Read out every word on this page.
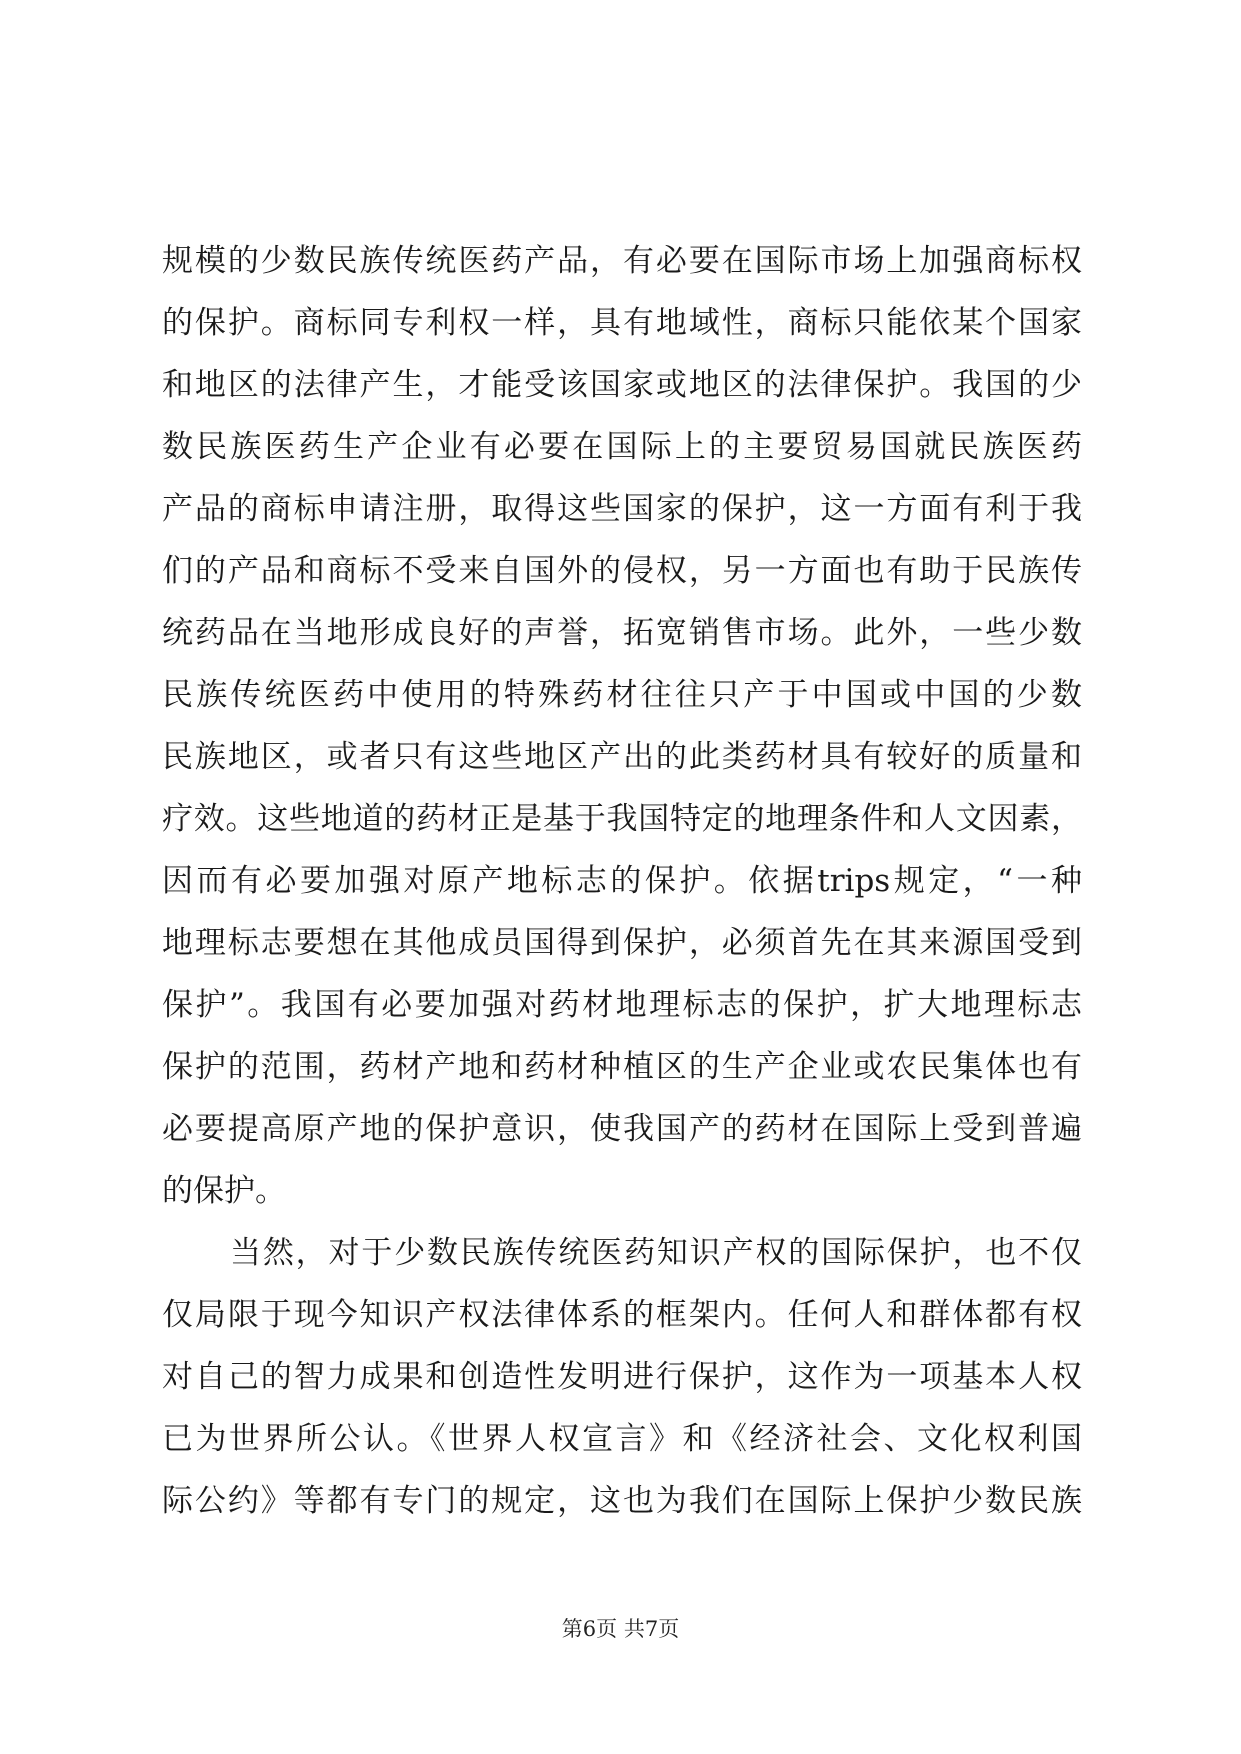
规模的少数民族传统医药产品，有必要在国际市场上加强商标权
的保护。商标同专利权一样，具有地域性，商标只能依某个国家
和地区的法律产生，才能受该国家或地区的法律保护。我国的少
数民族医药生产企业有必要在国际上的主要贸易国就民族医药
产品的商标申请注册，取得这些国家的保护，这一方面有利于我
们的产品和商标不受来自国外的侵权，另一方面也有助于民族传
统药品在当地形成良好的声誉，拓宽销售市场。此外，一些少数
民族传统医药中使用的特殊药材往往只产于中国或中国的少数
民族地区，或者只有这些地区产出的此类药材具有较好的质量和
疗效。这些地道的药材正是基于我国特定的地理条件和人文因素，
因而有必要加强对原产地标志的保护。依据trips规定，“一种
地理标志要想在其他成员国得到保护，必须首先在其来源国受到
保护”。我国有必要加强对药材地理标志的保护，扩大地理标志
保护的范围，药材产地和药材种植区的生产企业或农民集体也有
必要提高原产地的保护意识，使我国产的药材在国际上受到普遍
的保护。
当然，对于少数民族传统医药知识产权的国际保护，也不仅
仅局限于现今知识产权法律体系的框架内。任何人和群体都有权
对自己的智力成果和创造性发明进行保护，这作为一项基本人权
已为世界所公认。《世界人权宣言》和《经济社会、文化权利国
际公约》等都有专门的规定，这也为我们在国际上保护少数民族
第6页 共7页
